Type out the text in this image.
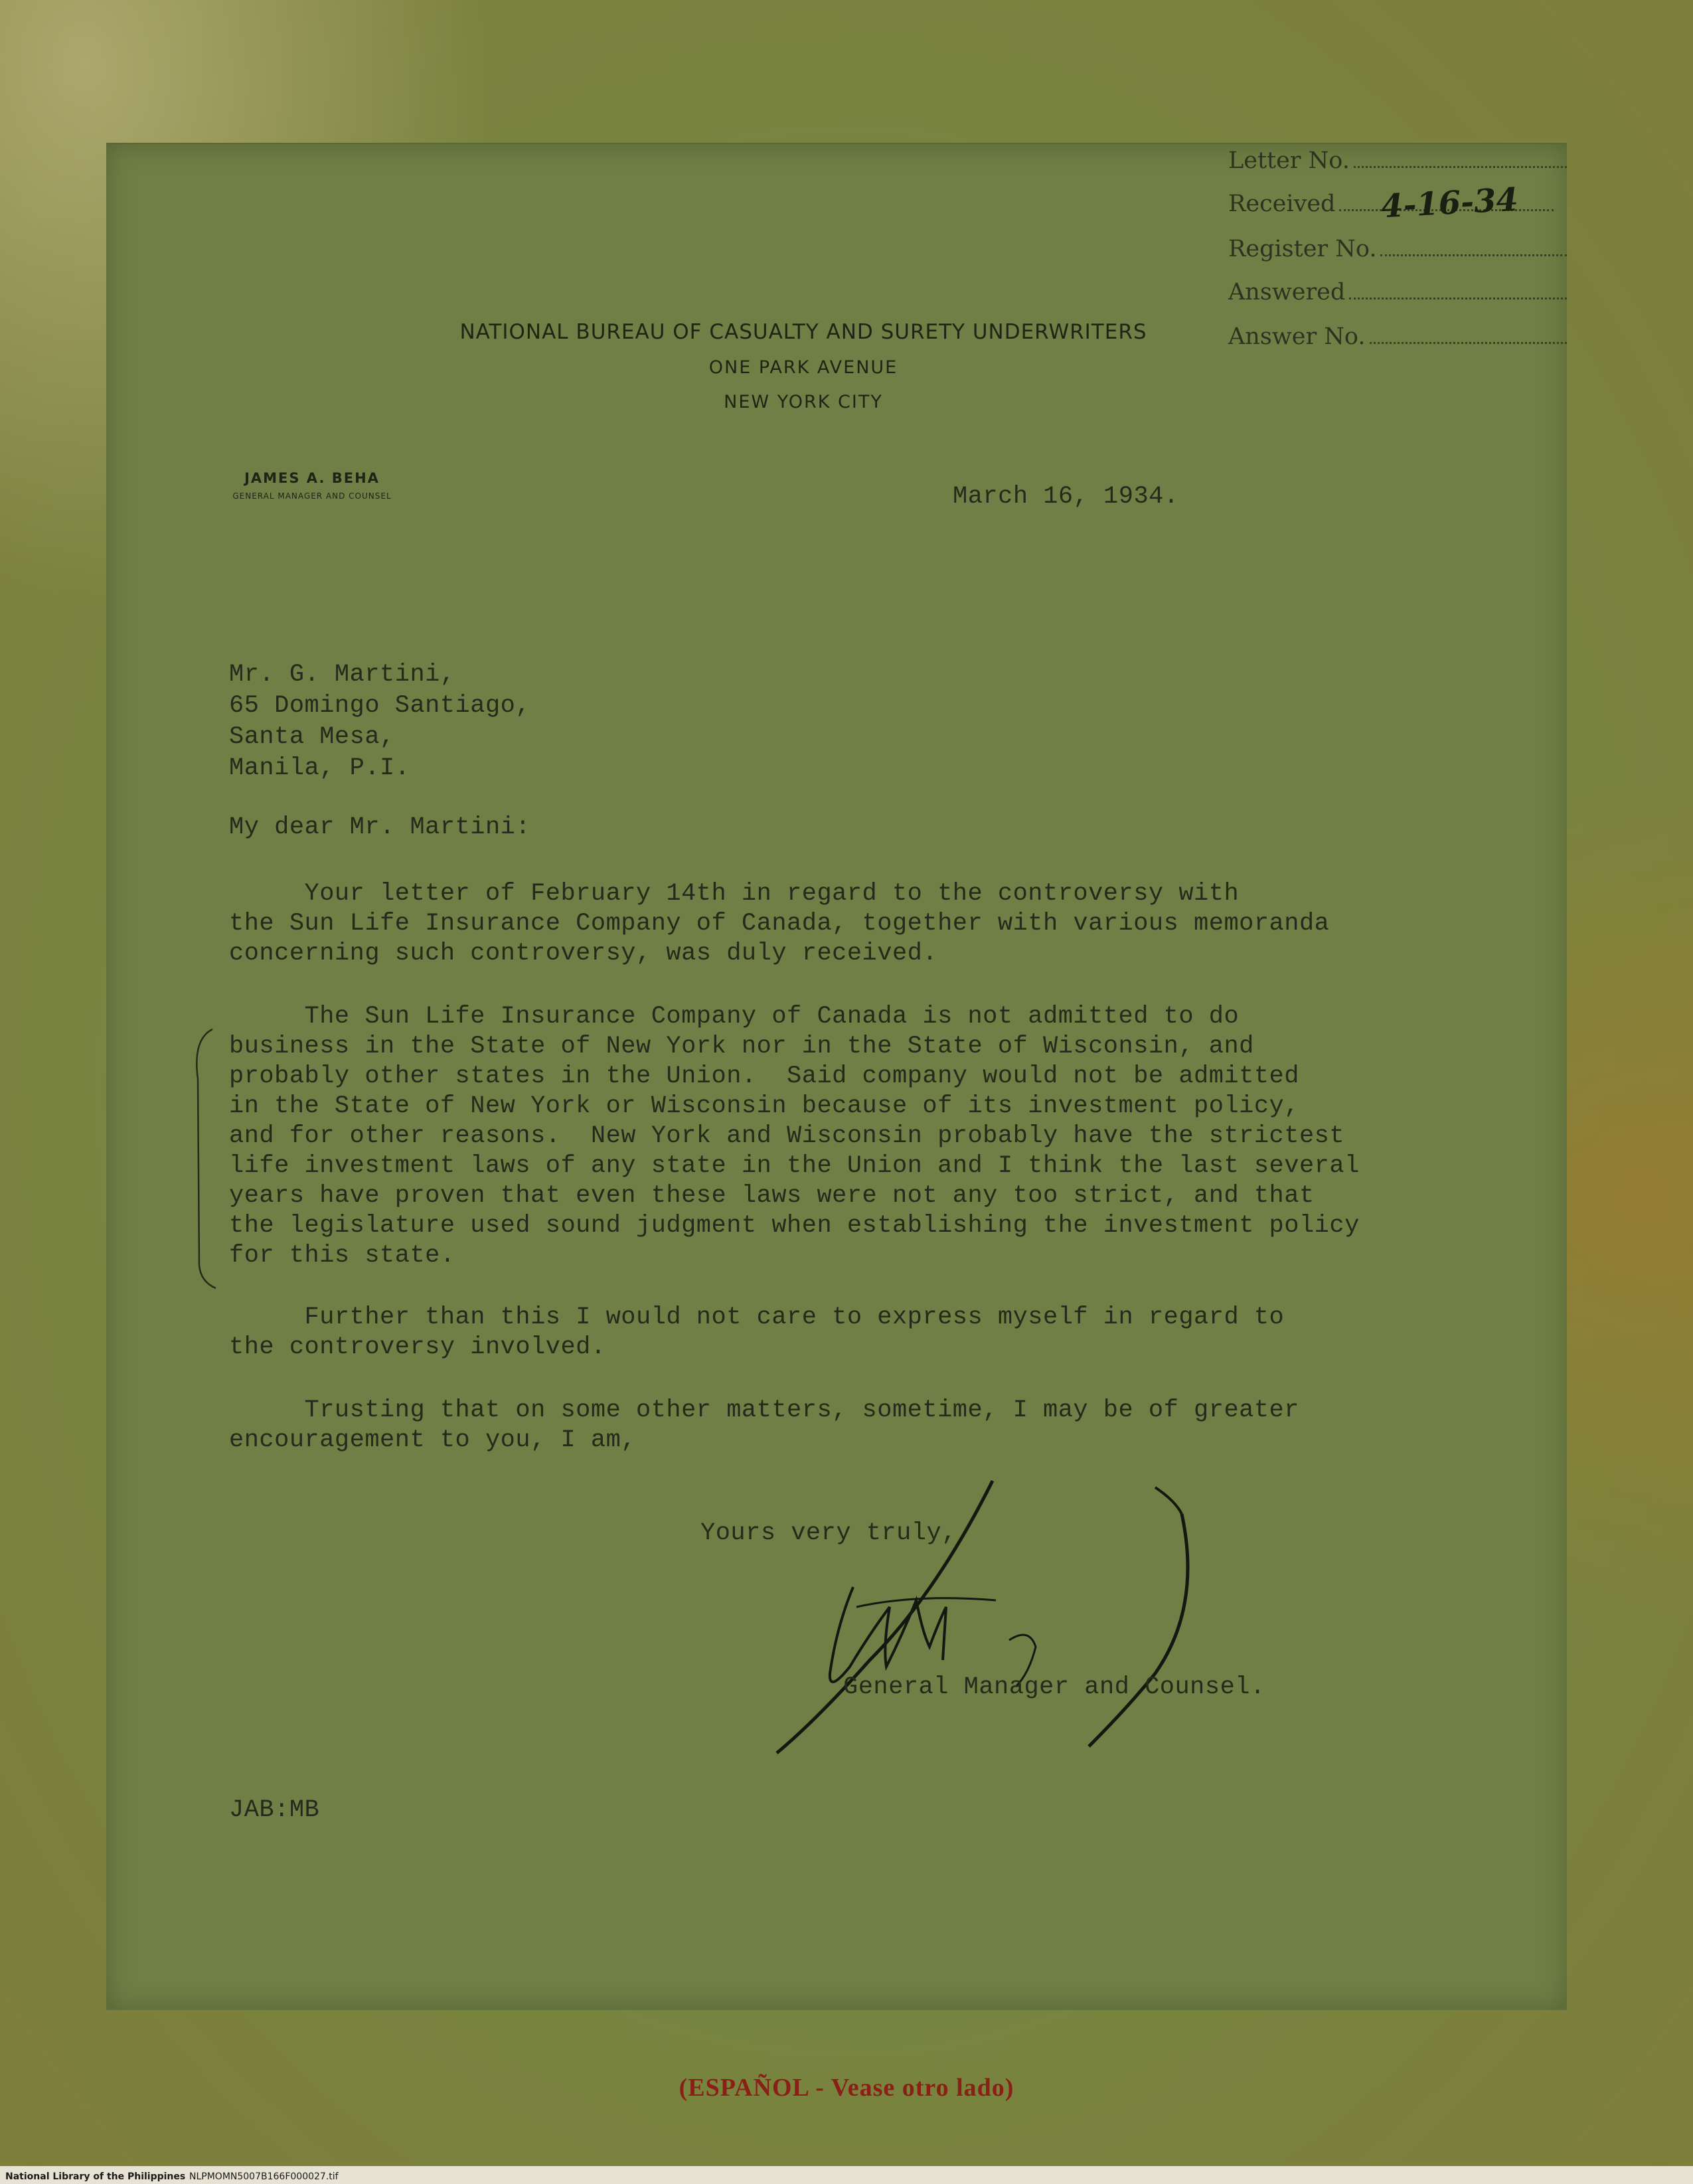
Letter No.
Received 4-16-34
Register No.
Answered
Answer No.
NATIONAL BUREAU OF CASUALTY AND SURETY UNDERWRITERS
ONE PARK AVENUE
NEW YORK CITY
JAMES A. BEHA
GENERAL MANAGER AND COUNSEL	March 16, 1934.
Mr. G. Martini,
65 Domingo Santiago,
Santa Mesa,
Manila, P.I.
My dear Mr. Martini:
Your letter of February 14th in regard to the controversy with
the Sun Life Insurance Company of Canada, together with various memoranda
concerning such controversy, was duly received.
The Sun Life Insurance Company of Canada is not admitted to do
business in the State of New York nor in the State of Wisconsin, and
probably other states in the Union.  Said company would not be admitted
in the State of New York or Wisconsin because of its investment policy,
and for other reasons.  New York and Wisconsin probably have the strictest
life investment laws of any state in the Union and I think the last several
years have proven that even these laws were not any too strict, and that
the legislature used sound judgment when establishing the investment policy
for this state.
Further than this I would not care to express myself in regard to
the controversy involved.
Trusting that on some other matters, sometime, I may be of greater
encouragement to you, I am,
Yours very truly,
General Manager and Counsel.
JAB:MB
(ESPAÑOL - Vease otro lado)
National Library of the Philippines NLPMOMN5007B166F000027.tif
